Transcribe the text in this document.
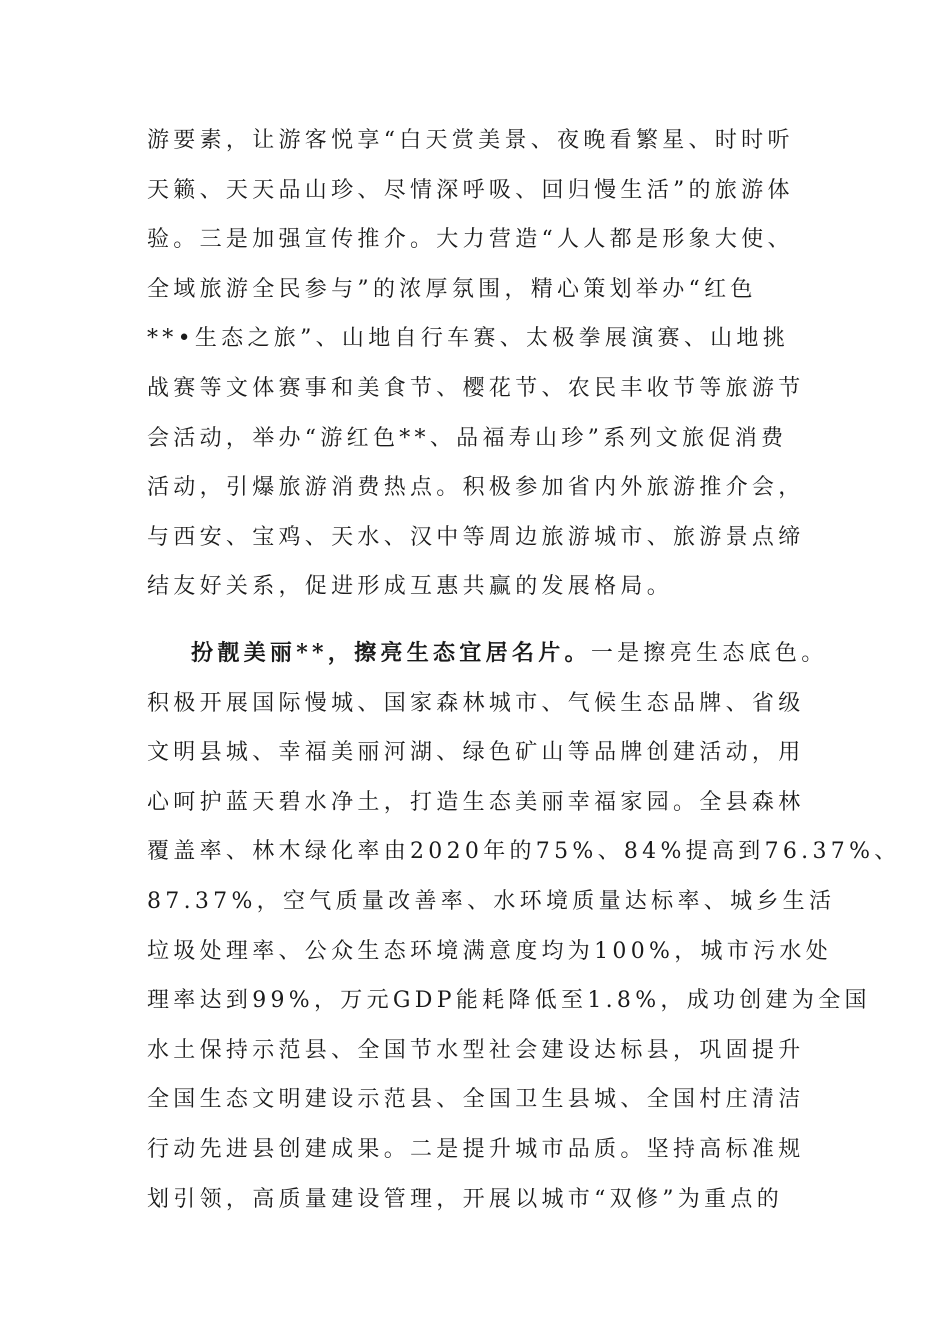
游要素，让游客悦享“白天赏美景、夜晚看繁星、时时听
天籁、天天品山珍、尽情深呼吸、回归慢生活”的旅游体
验。三是加强宣传推介。大力营造“人人都是形象大使、
全域旅游全民参与”的浓厚氛围，精心策划举办“红色
**•生态之旅”、山地自行车赛、太极拳展演赛、山地挑
战赛等文体赛事和美食节、樱花节、农民丰收节等旅游节
会活动，举办“游红色**、品福寿山珍”系列文旅促消费
活动，引爆旅游消费热点。积极参加省内外旅游推介会，
与西安、宝鸡、天水、汉中等周边旅游城市、旅游景点缔
结友好关系，促进形成互惠共赢的发展格局。
扮靓美丽**，擦亮生态宜居名片。一是擦亮生态底色。
积极开展国际慢城、国家森林城市、气候生态品牌、省级
文明县城、幸福美丽河湖、绿色矿山等品牌创建活动，用
心呵护蓝天碧水净土，打造生态美丽幸福家园。全县森林
覆盖率、林木绿化率由2020年的75%、84%提高到76.37%、
87.37%，空气质量改善率、水环境质量达标率、城乡生活
垃圾处理率、公众生态环境满意度均为100%，城市污水处
理率达到99%，万元GDP能耗降低至1.8%，成功创建为全国
水土保持示范县、全国节水型社会建设达标县，巩固提升
全国生态文明建设示范县、全国卫生县城、全国村庄清洁
行动先进县创建成果。二是提升城市品质。坚持高标准规
划引领，高质量建设管理，开展以城市“双修”为重点的
